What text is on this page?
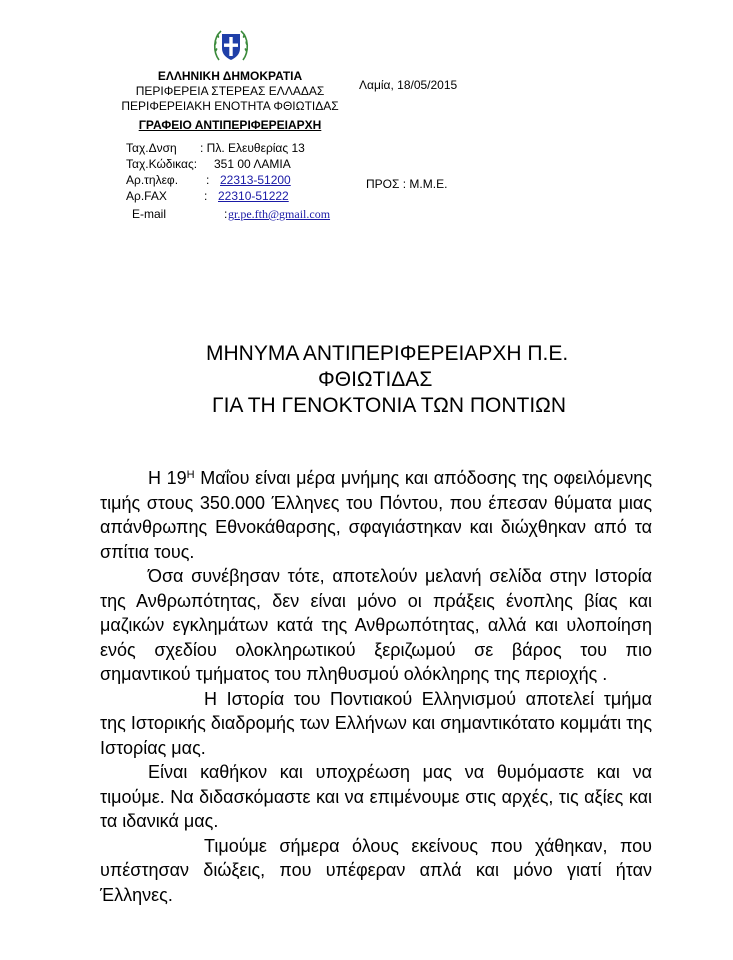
ΕΛΛΗΝΙΚΗ ΔΗΜΟΚΡΑΤΙΑ
ΠΕΡΙΦΕΡΕΙΑ ΣΤΕΡΕΑΣ ΕΛΛΑΔΑΣ
ΠΕΡΙΦΕΡΕΙΑΚΗ ΕΝΟΤΗΤΑ ΦΘΙΩΤΙΔΑΣ
ΓΡΑΦΕΙΟ ΑΝΤΙΠΕΡΙΦΕΡΕΙΑΡΧΗ
Λαμία, 18/05/2015
ΠΡΟΣ : Μ.Μ.Ε.
Ταχ.Δνση : Πλ. Ελευθερίας 13
Ταχ.Κώδικας: 351 00 ΛΑΜΙΑ
Αρ.τηλεφ. : 22313-51200
Αρ.FAX	: 22310-51222
E-mail	: gr.pe.fth@gmail.com
ΜΗΝΥΜΑ ΑΝΤΙΠΕΡΙΦΕΡΕΙΑΡΧΗ Π.Ε.
ΦΘΙΩΤΙΔΑΣ
ΓΙΑ ΤΗ ΓΕΝΟΚΤΟΝΙΑ ΤΩΝ ΠΟΝΤΙΩΝ

Η $19^H$ Μαΐου είναι μέρα μνήμης και απόδοσης της οφειλόμενης τιμής στους 350.000 Έλληνες του Πόντου, που έπεσαν θύματα μιας απάνθρωπης Εθνοκάθαρσης, σφαγιάστηκαν και διώχθηκαν από τα σπίτια τους.

Όσα συνέβησαν τότε, αποτελούν μελανή σελίδα στην Ιστορία της Ανθρωπότητας, δεν είναι μόνο οι πράξεις ένοπλης βίας και μαζικών εγκλημάτων κατά της Ανθρωπότητας, αλλά και υλοποίηση ενός σχεδίου ολοκληρωτικού ξεριζωμού σε βάρος του πιο σημαντικού τμήματος του πληθυσμού ολόκληρης της περιοχής .

Η Ιστορία του Ποντιακού Ελληνισμού αποτελεί τμήμα της Ιστορικής διαδρομής των Ελλήνων και σημαντικότατο κομμάτι της Ιστορίας μας.

Είναι καθήκον και υποχρέωση μας να θυμόμαστε και να τιμούμε. Να διδασκόμαστε και να επιμένουμε στις αρχές, τις αξίες και τα ιδανικά μας.

Τιμούμε σήμερα όλους εκείνους που χάθηκαν, που υπέστησαν διώξεις, που υπέφεραν απλά και μόνο γιατί ήταν Έλληνες.
